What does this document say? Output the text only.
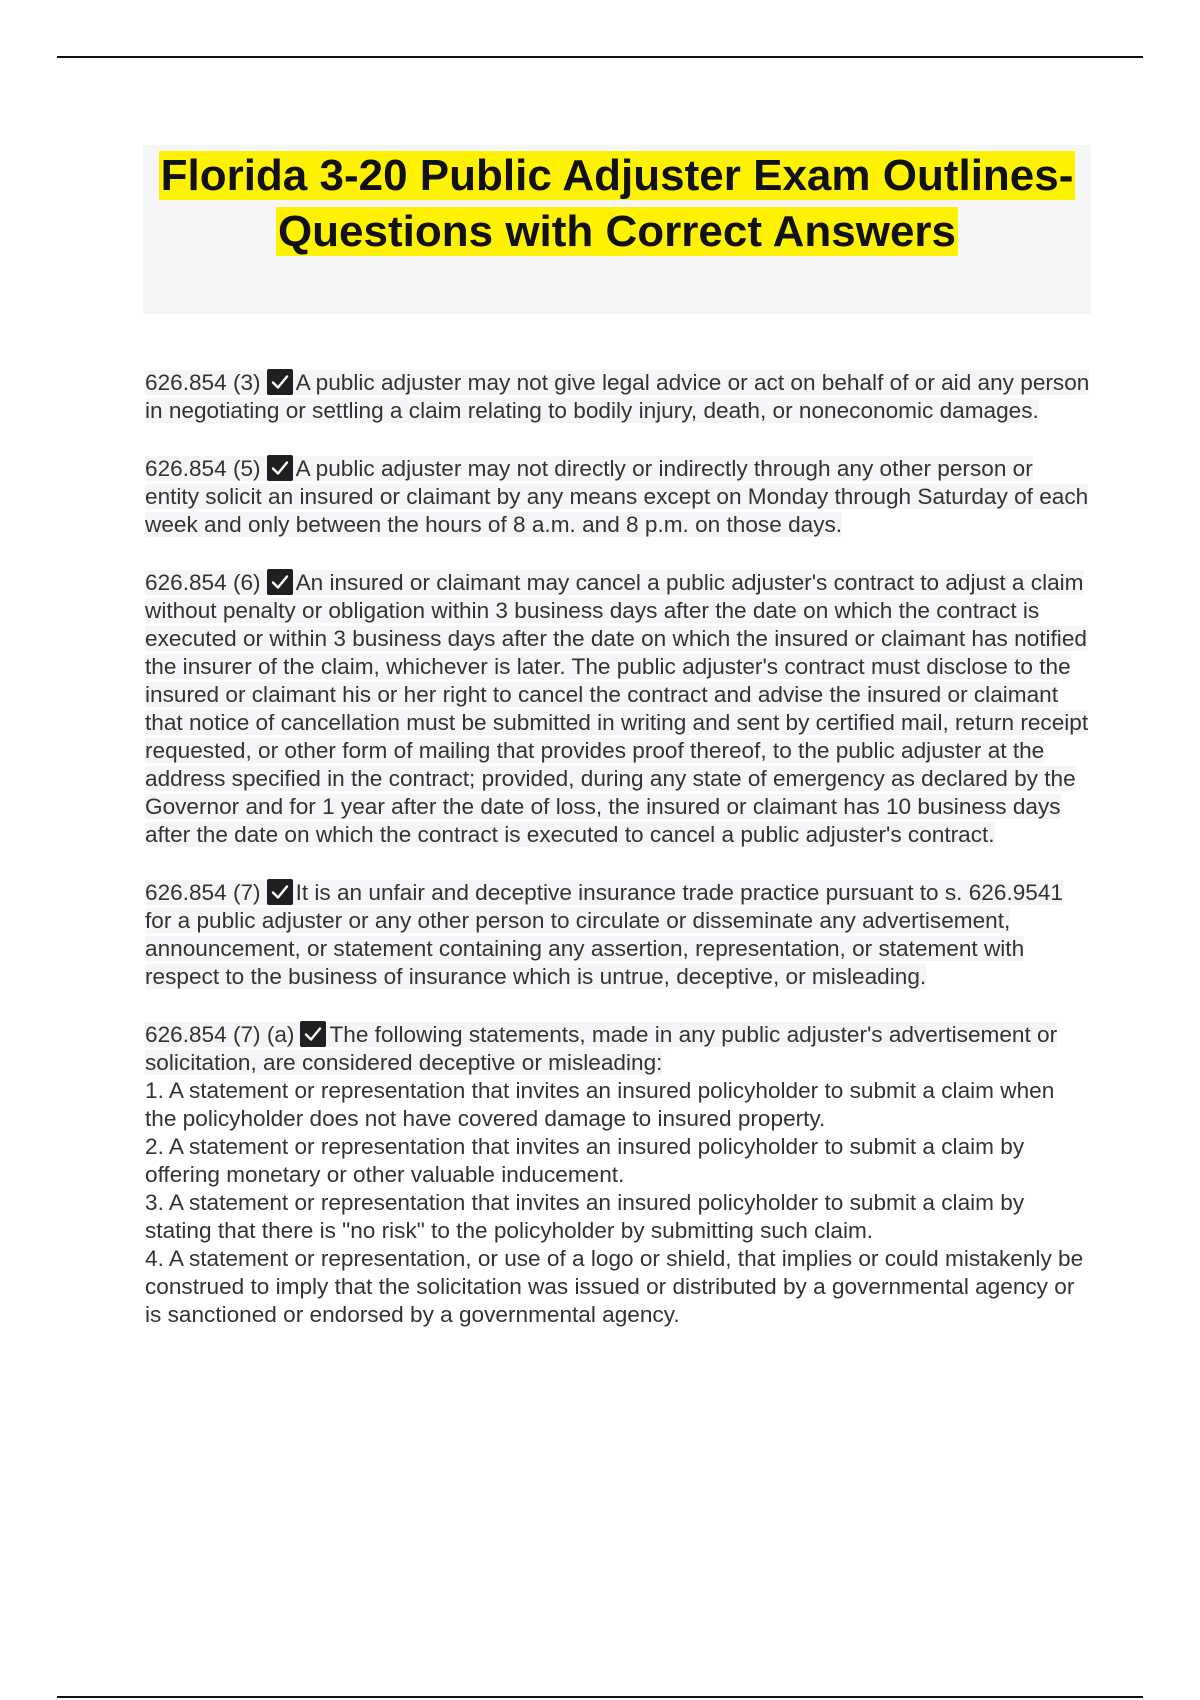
Florida 3-20 Public Adjuster Exam Outlines- Questions with Correct Answers

626.854 (3) A public adjuster may not give legal advice or act on behalf of or aid any person in negotiating or settling a claim relating to bodily injury, death, or noneconomic damages.

626.854 (5) A public adjuster may not directly or indirectly through any other person or entity solicit an insured or claimant by any means except on Monday through Saturday of each week and only between the hours of 8 a.m. and 8 p.m. on those days.

626.854 (6) An insured or claimant may cancel a public adjuster's contract to adjust a claim without penalty or obligation within 3 business days after the date on which the contract is executed or within 3 business days after the date on which the insured or claimant has notified the insurer of the claim, whichever is later. The public adjuster's contract must disclose to the insured or claimant his or her right to cancel the contract and advise the insured or claimant that notice of cancellation must be submitted in writing and sent by certified mail, return receipt requested, or other form of mailing that provides proof thereof, to the public adjuster at the address specified in the contract; provided, during any state of emergency as declared by the Governor and for 1 year after the date of loss, the insured or claimant has 10 business days after the date on which the contract is executed to cancel a public adjuster's contract.

626.854 (7) It is an unfair and deceptive insurance trade practice pursuant to s. 626.9541 for a public adjuster or any other person to circulate or disseminate any advertisement, announcement, or statement containing any assertion, representation, or statement with respect to the business of insurance which is untrue, deceptive, or misleading.

626.854 (7) (a) The following statements, made in any public adjuster's advertisement or solicitation, are considered deceptive or misleading:
1. A statement or representation that invites an insured policyholder to submit a claim when the policyholder does not have covered damage to insured property.
2. A statement or representation that invites an insured policyholder to submit a claim by offering monetary or other valuable inducement.
3. A statement or representation that invites an insured policyholder to submit a claim by stating that there is "no risk" to the policyholder by submitting such claim.
4. A statement or representation, or use of a logo or shield, that implies or could mistakenly be construed to imply that the solicitation was issued or distributed by a governmental agency or is sanctioned or endorsed by a governmental agency.
